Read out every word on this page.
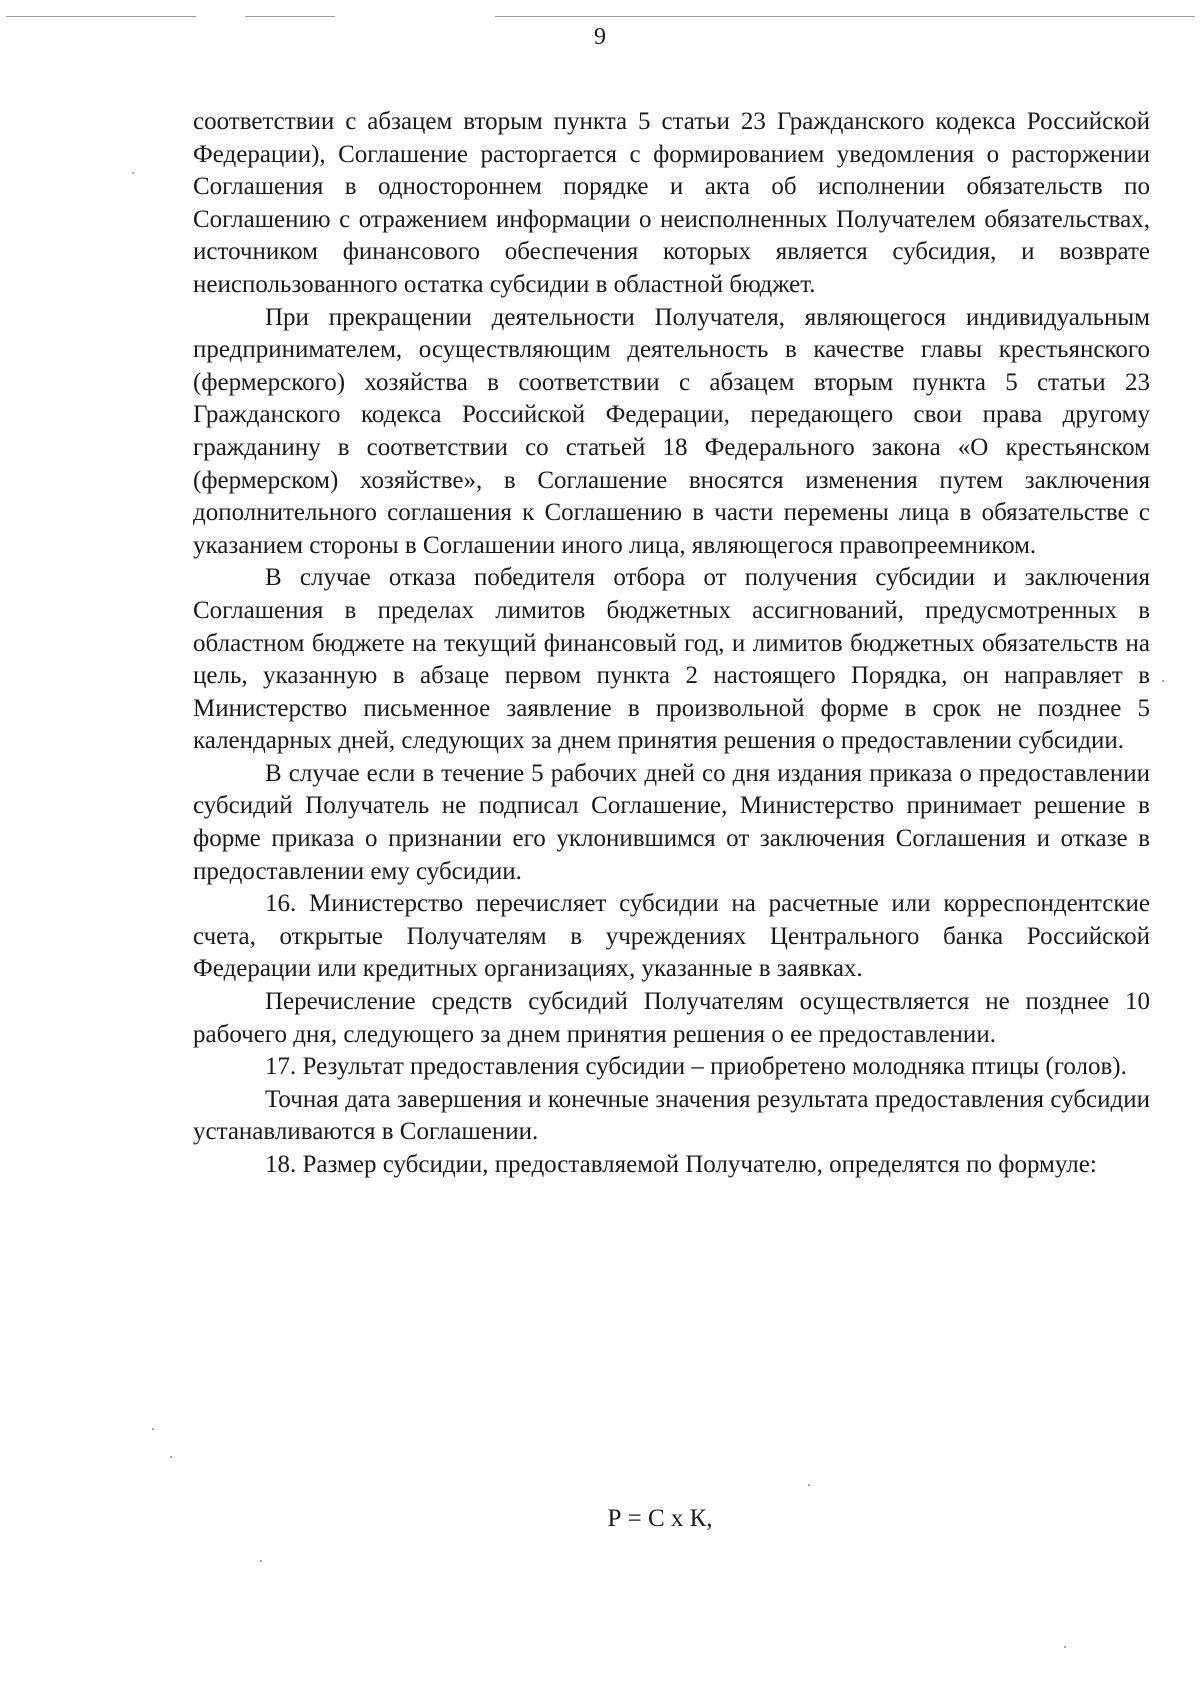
9

соответствии с абзацем вторым пункта 5 статьи 23 Гражданского кодекса Российской Федерации), Соглашение расторгается с формированием уведомления о расторжении Соглашения в одностороннем порядке и акта об исполнении обязательств по Соглашению с отражением информации о неисполненных Получателем обязательствах, источником финансового обеспечения которых является субсидия, и возврате неиспользованного остатка субсидии в областной бюджет.

При прекращении деятельности Получателя, являющегося индивидуальным предпринимателем, осуществляющим деятельность в качестве главы крестьянского (фермерского) хозяйства в соответствии с абзацем вторым пункта 5 статьи 23 Гражданского кодекса Российской Федерации, передающего свои права другому гражданину в соответствии со статьей 18 Федерального закона «О крестьянском (фермерском) хозяйстве», в Соглашение вносятся изменения путем заключения дополнительного соглашения к Соглашению в части перемены лица в обязательстве с указанием стороны в Соглашении иного лица, являющегося правопреемником.

В случае отказа победителя отбора от получения субсидии и заключения Соглашения в пределах лимитов бюджетных ассигнований, предусмотренных в областном бюджете на текущий финансовый год, и лимитов бюджетных обязательств на цель, указанную в абзаце первом пункта 2 настоящего Порядка, он направляет в Министерство письменное заявление в произвольной форме в срок не позднее 5 календарных дней, следующих за днем принятия решения о предоставлении субсидии.

В случае если в течение 5 рабочих дней со дня издания приказа о предоставлении субсидий Получатель не подписал Соглашение, Министерство принимает решение в форме приказа о признании его уклонившимся от заключения Соглашения и отказе в предоставлении ему субсидии.

16. Министерство перечисляет субсидии на расчетные или корреспондентские счета, открытые Получателям в учреждениях Центрального банка Российской Федерации или кредитных организациях, указанные в заявках.

Перечисление средств субсидий Получателям осуществляется не позднее 10 рабочего дня, следующего за днем принятия решения о ее предоставлении.

17. Результат предоставления субсидии – приобретено молодняка птицы (голов).

Точная дата завершения и конечные значения результата предоставления субсидии устанавливаются в Соглашении.

18. Размер субсидии, предоставляемой Получателю, определятся по формуле:

Р = С х К,
